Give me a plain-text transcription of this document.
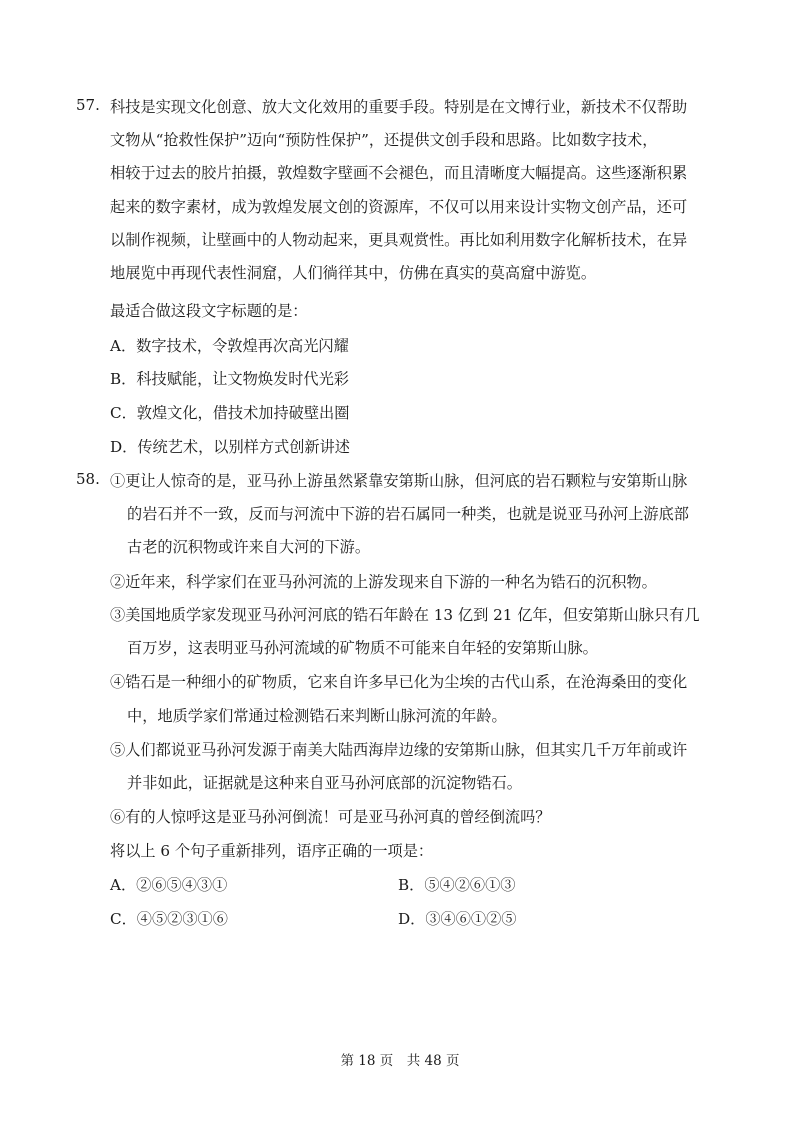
57. 科技是实现文化创意、放大文化效用的重要手段。特别是在文博行业，新技术不仅帮助
文物从“抢救性保护”迈向“预防性保护”，还提供文创手段和思路。比如数字技术，
相较于过去的胶片拍摄，敦煌数字壁画不会褪色，而且清晰度大幅提高。这些逐渐积累
起来的数字素材，成为敦煌发展文创的资源库，不仅可以用来设计实物文创产品，还可
以制作视频，让壁画中的人物动起来，更具观赏性。再比如利用数字化解析技术，在异
地展览中再现代表性洞窟，人们徜徉其中，仿佛在真实的莫高窟中游览。
最适合做这段文字标题的是：
A．数字技术，令敦煌再次高光闪耀
B．科技赋能，让文物焕发时代光彩
C．敦煌文化，借技术加持破壁出圈
D．传统艺术，以别样方式创新讲述
58. ①更让人惊奇的是，亚马孙上游虽然紧靠安第斯山脉，但河底的岩石颗粒与安第斯山脉
的岩石并不一致，反而与河流中下游的岩石属同一种类，也就是说亚马孙河上游底部
古老的沉积物或许来自大河的下游。
②近年来，科学家们在亚马孙河流的上游发现来自下游的一种名为锆石的沉积物。
③美国地质学家发现亚马孙河河底的锆石年龄在 13 亿到 21 亿年，但安第斯山脉只有几
百万岁，这表明亚马孙河流域的矿物质不可能来自年轻的安第斯山脉。
④锆石是一种细小的矿物质，它来自许多早已化为尘埃的古代山系，在沧海桑田的变化
中，地质学家们常通过检测锆石来判断山脉河流的年龄。
⑤人们都说亚马孙河发源于南美大陆西海岸边缘的安第斯山脉，但其实几千万年前或许
并非如此，证据就是这种来自亚马孙河底部的沉淀物锆石。
⑥有的人惊呼这是亚马孙河倒流！可是亚马孙河真的曾经倒流吗？
将以上 6 个句子重新排列，语序正确的一项是：
A．②⑥⑤④③①	B．⑤④②⑥①③
C．④⑤②③①⑥	D．③④⑥①②⑤
第 18 页　共 48 页
